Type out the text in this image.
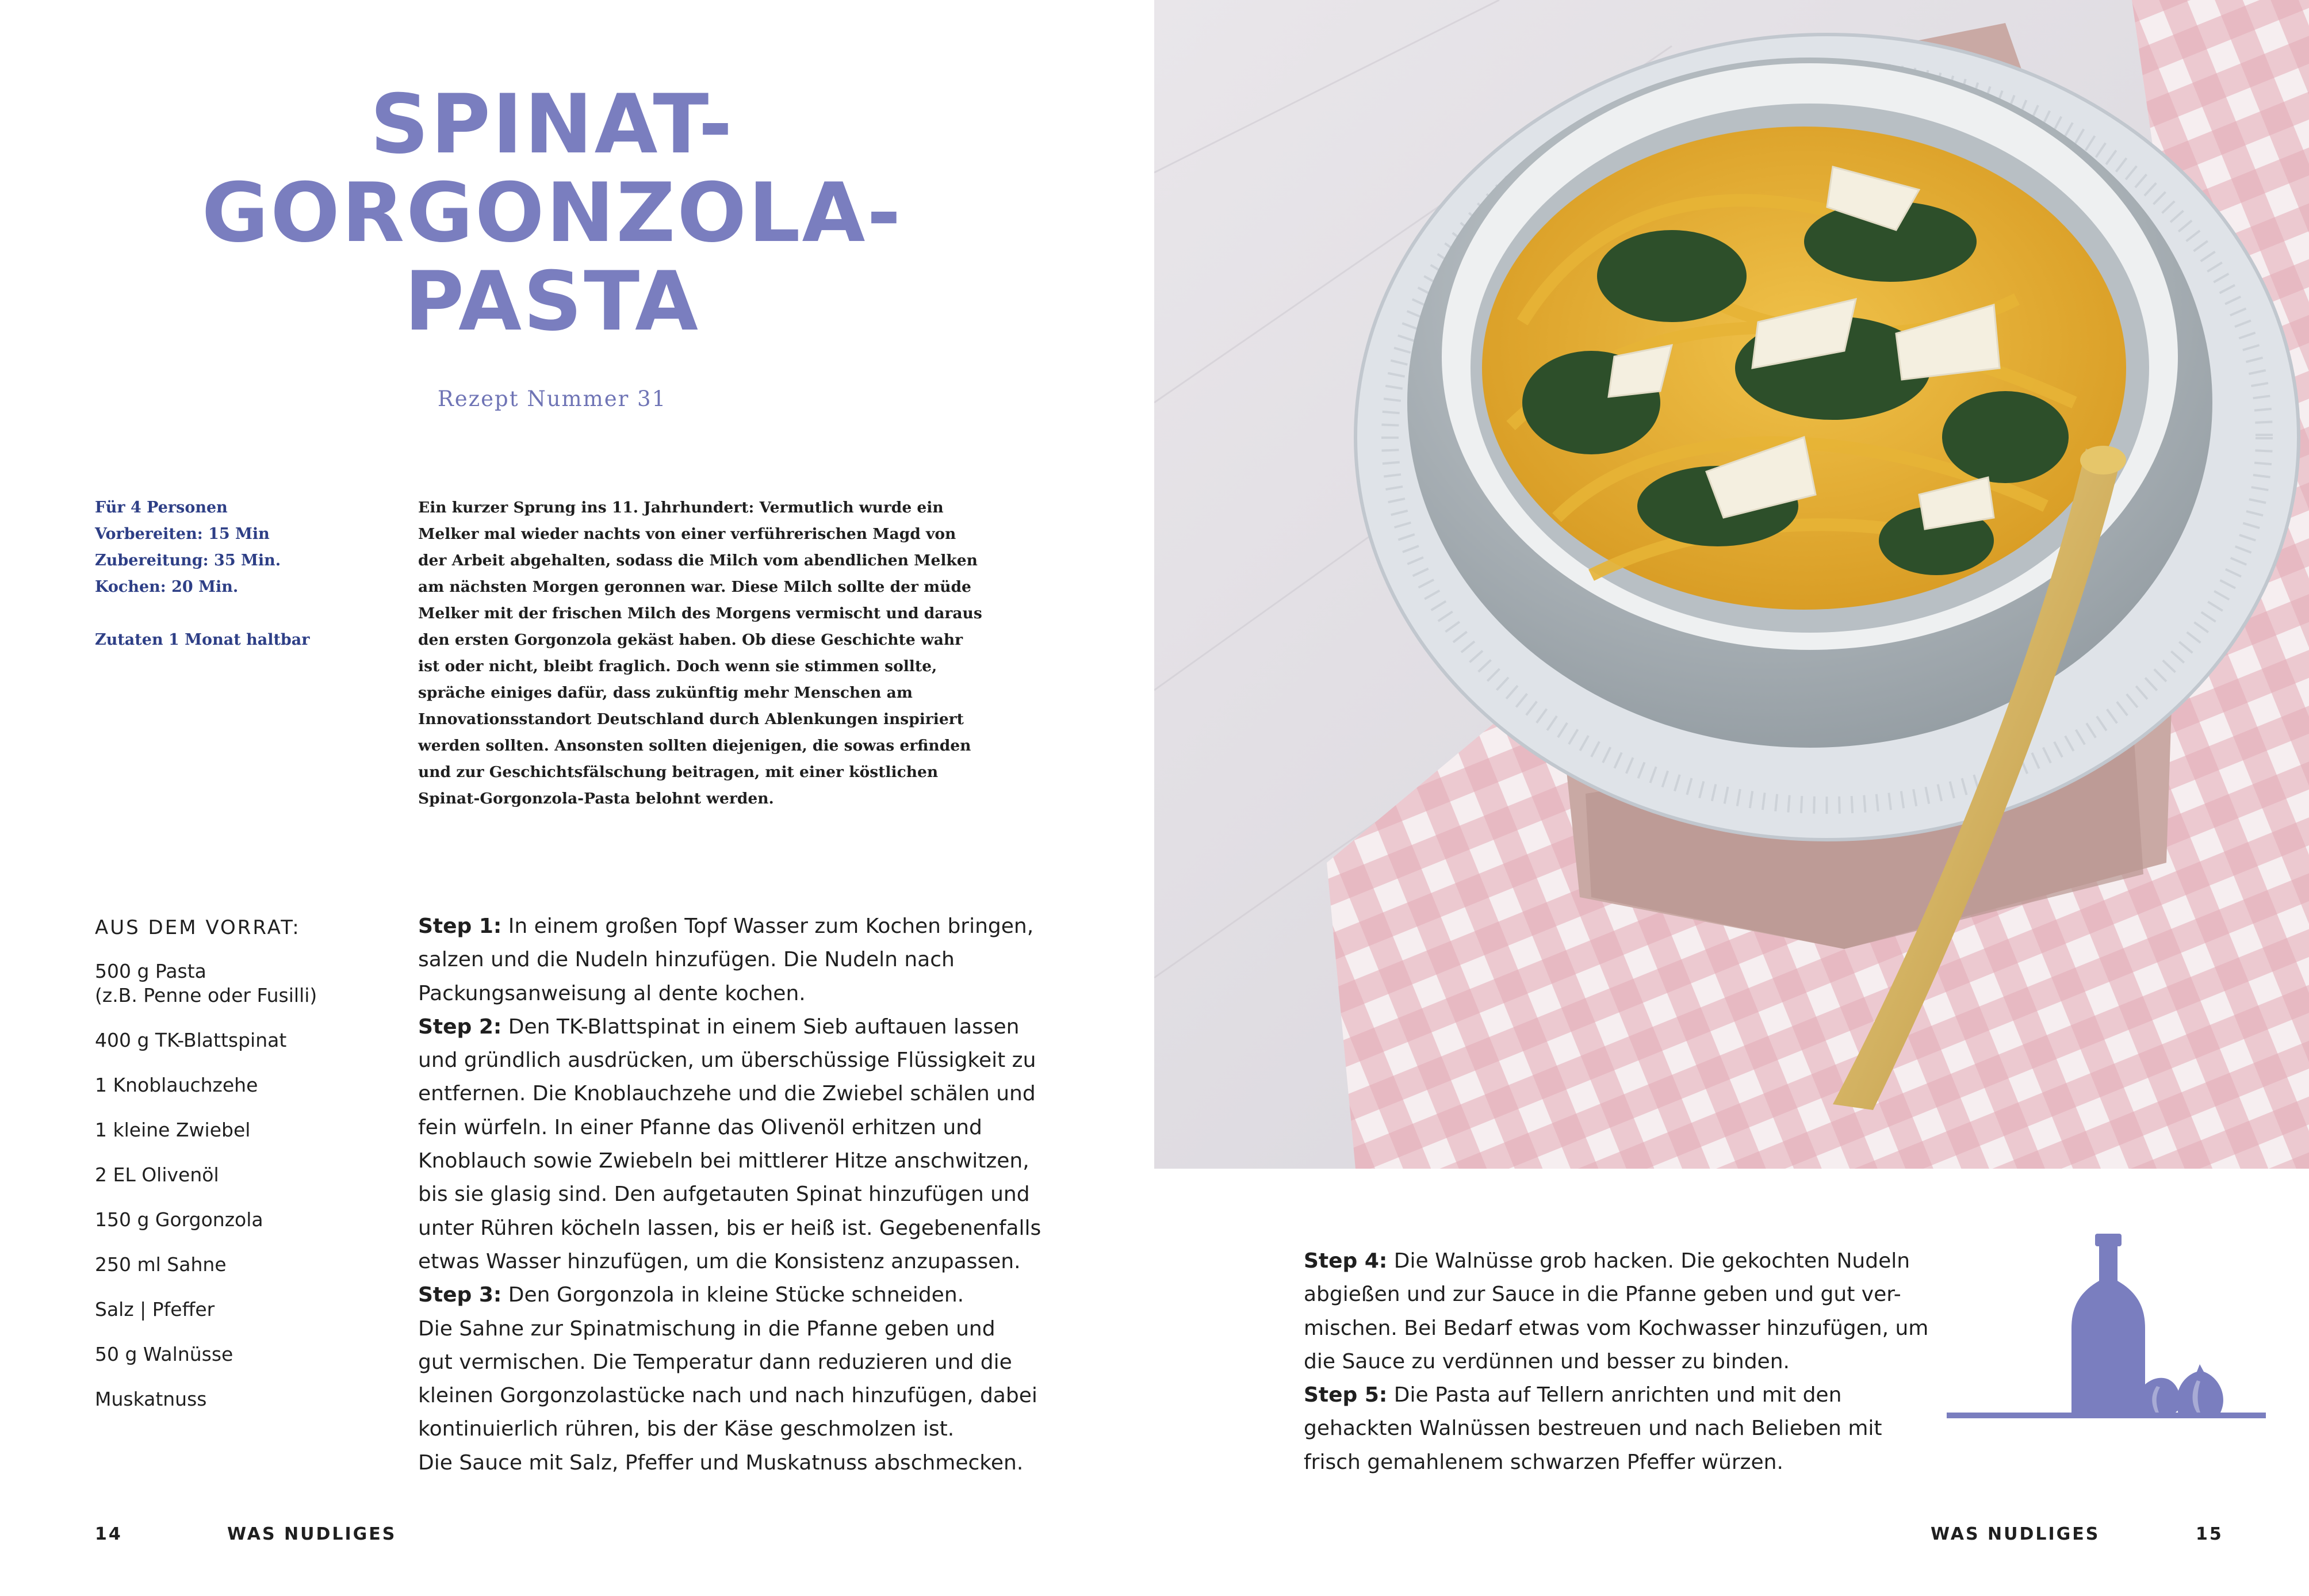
SPINAT-
GORGONZOLA-
PASTA
Rezept Nummer 31
Für 4 Personen
Vorbereiten: 15 Min
Zubereitung: 35 Min.
Kochen: 20 Min.
Zutaten 1 Monat haltbar
Ein kurzer Sprung ins 11. Jahrhundert: Vermutlich wurde ein
Melker mal wieder nachts von einer verführerischen Magd von
der Arbeit abgehalten, sodass die Milch vom abendlichen Melken
am nächsten Morgen geronnen war. Diese Milch sollte der müde
Melker mit der frischen Milch des Morgens vermischt und daraus
den ersten Gorgonzola gekäst haben. Ob diese Geschichte wahr
ist oder nicht, bleibt fraglich. Doch wenn sie stimmen sollte,
spräche einiges dafür, dass zukünftig mehr Menschen am
Innovationsstandort Deutschland durch Ablenkungen inspiriert
werden sollten. Ansonsten sollten diejenigen, die sowas erfinden
und zur Geschichtsfälschung beitragen, mit einer köstlichen
Spinat-Gorgonzola-Pasta belohnt werden.
AUS DEM VORRAT:
500 g Pasta
(z.B. Penne oder Fusilli)
400 g TK-Blattspinat
1 Knoblauchzehe
1 kleine Zwiebel
2 EL Olivenöl
150 g Gorgonzola
250 ml Sahne
Salz | Pfeffer
50 g Walnüsse
Muskatnuss
Step 1: In einem großen Topf Wasser zum Kochen bringen,
salzen und die Nudeln hinzufügen. Die Nudeln nach
Packungsanweisung al dente kochen.
Step 2: Den TK-Blattspinat in einem Sieb auftauen lassen
und gründlich ausdrücken, um überschüssige Flüssigkeit zu
entfernen. Die Knoblauchzehe und die Zwiebel schälen und
fein würfeln. In einer Pfanne das Olivenöl erhitzen und
Knoblauch sowie Zwiebeln bei mittlerer Hitze anschwitzen,
bis sie glasig sind. Den aufgetauten Spinat hinzufügen und
unter Rühren köcheln lassen, bis er heiß ist. Gegebenenfalls
etwas Wasser hinzufügen, um die Konsistenz anzupassen.
Step 3: Den Gorgonzola in kleine Stücke schneiden.
Die Sahne zur Spinatmischung in die Pfanne geben und
gut vermischen. Die Temperatur dann reduzieren und die
kleinen Gorgonzolastücke nach und nach hinzufügen, dabei
kontinuierlich rühren, bis der Käse geschmolzen ist.
Die Sauce mit Salz, Pfeffer und Muskatnuss abschmecken.
14	WAS NUDLIGES
Step 4: Die Walnüsse grob hacken. Die gekochten Nudeln
abgießen und zur Sauce in die Pfanne geben und gut ver-
mischen. Bei Bedarf etwas vom Kochwasser hinzufügen, um
die Sauce zu verdünnen und besser zu binden.
Step 5: Die Pasta auf Tellern anrichten und mit den
gehackten Walnüssen bestreuen und nach Belieben mit
frisch gemahlenem schwarzen Pfeffer würzen.
WAS NUDLIGES	15
